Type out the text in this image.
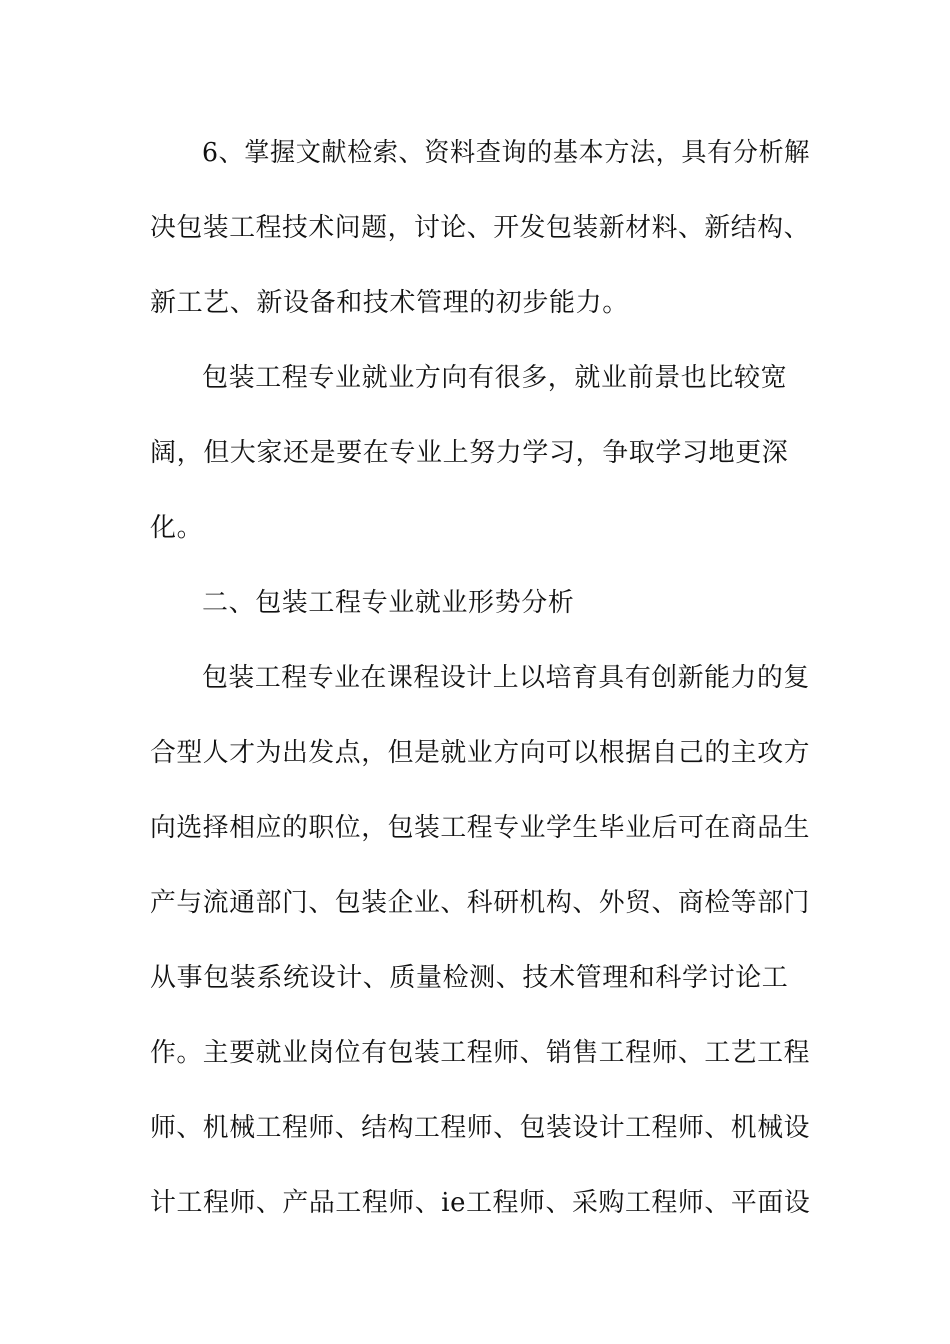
6、掌握文献检索、资料查询的基本方法，具有分析解
决包装工程技术问题，讨论、开发包装新材料、新结构、
新工艺、新设备和技术管理的初步能力。
包装工程专业就业方向有很多，就业前景也比较宽
阔，但大家还是要在专业上努力学习，争取学习地更深
化。
二、包装工程专业就业形势分析
包装工程专业在课程设计上以培育具有创新能力的复
合型人才为出发点，但是就业方向可以根据自己的主攻方
向选择相应的职位，包装工程专业学生毕业后可在商品生
产与流通部门、包装企业、科研机构、外贸、商检等部门
从事包装系统设计、质量检测、技术管理和科学讨论工
作。主要就业岗位有包装工程师、销售工程师、工艺工程
师、机械工程师、结构工程师、包装设计工程师、机械设
计工程师、产品工程师、ie工程师、采购工程师、平面设
